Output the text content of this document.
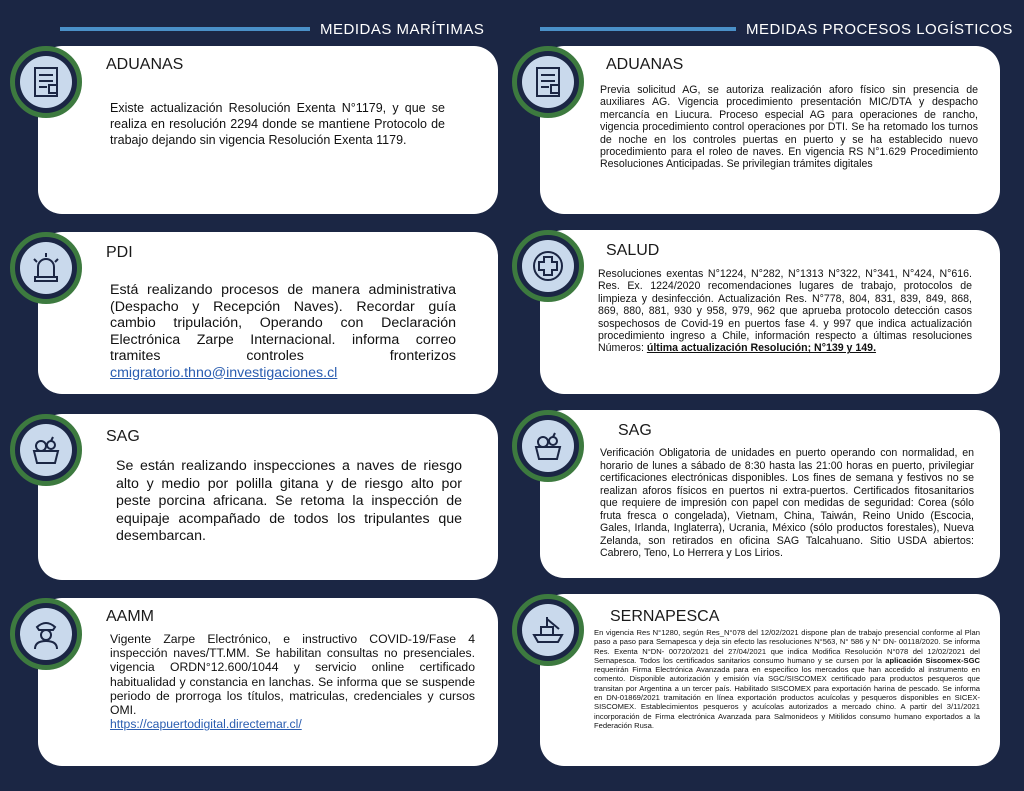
MEDIDAS MARÍTIMAS	MEDIDAS PROCESOS LOGÍSTICOS
ADUANAS
Existe actualización Resolución Exenta N°1179, y que se realiza en resolución 2294 donde se mantiene Protocolo de trabajo dejando sin vigencia Resolución Exenta 1179.
PDI
Está realizando procesos de manera administrativa (Despacho y Recepción Naves). Recordar guía cambio tripulación, Operando con Declaración Electrónica Zarpe Internacional. informa correo tramites controles fronterizos cmigratorio.thno@investigaciones.cl
SAG
Se están realizando inspecciones a naves de riesgo alto y medio por polilla gitana y de riesgo alto por peste porcina africana. Se retoma la inspección de equipaje acompañado de todos los tripulantes que desembarcan.
AAMM
Vigente Zarpe Electrónico, e instructivo COVID-19/Fase 4 inspección naves/TT.MM. Se habilitan consultas no presenciales. vigencia ORDN°12.600/1044 y servicio online certificado habitualidad y constancia en lanchas. Se informa que se suspende periodo de prorroga los títulos, matriculas, credenciales y cursos OMI.
https://capuertodigital.directemar.cl/
ADUANAS
Previa solicitud AG, se autoriza realización aforo físico sin presencia de auxiliares AG. Vigencia procedimiento presentación MIC/DTA y despacho mercancía en Liucura. Proceso especial AG para operaciones de rancho, vigencia procedimiento control operaciones por DTI. Se ha retomado los turnos de noche en los controles puertas en puerto y se ha establecido nuevo procedimiento para el roleo de naves. En vigencia RS N°1.629 Procedimiento Resoluciones Anticipadas. Se privilegian trámites digitales
SALUD
Resoluciones exentas N°1224, N°282, N°1313 N°322, N°341, N°424, N°616. Res. Ex. 1224/2020 recomendaciones lugares de trabajo, protocolos de limpieza y desinfección. Actualización Res. N°778, 804, 831, 839, 849, 868, 869, 880, 881, 930 y 958, 979, 962 que aprueba protocolo detección casos sospechosos de Covid-19 en puertos fase 4. y 997 que indica actualización procedimiento ingreso a Chile, información respecto a últimas resoluciones Números: última actualización Resolución; N°139 y 149.
SAG
Verificación Obligatoria de unidades en puerto operando con normalidad, en horario de lunes a sábado de 8:30 hasta las 21:00 horas en puerto, privilegiar certificaciones electrónicas disponibles. Los fines de semana y festivos no se realizan aforos físicos en puertos ni extra-puertos. Certificados fitosanitarios que requiere de impresión con papel con medidas de seguridad: Corea (sólo fruta fresca o congelada), Vietnam, China, Taiwán, Reino Unido (Escocia, Gales, Irlanda, Inglaterra), Ucrania, México (sólo productos forestales), Nueva Zelanda, son retirados en oficina SAG Talcahuano. Sitio USDA abiertos: Cabrero, Teno, Lo Herrera y Los Lirios.
SERNAPESCA
En vigencia Res N°1280, según Res_N°078 del 12/02/2021 dispone plan de trabajo presencial conforme al Plan paso a paso para Sernapesca y deja sin efecto las resoluciones N°563, N° 586 y N° DN- 00118/2020. Se informa Res. Exenta N°DN- 00720/2021 del 27/04/2021 que indica Modifica Resolución N°078 del 12/02/2021 del Sernapesca. Todos los certificados sanitarios consumo humano y se cursen por la aplicación Siscomex-SGC requerirán Firma Electrónica Avanzada para en especifico los mercados que han accedido al instrumento en comento. Disponible autorización y emisión vía SGC/SISCOMEX certificado para productos pesqueros que transitan por Argentina a un tercer país. Habilitado SISCOMEX para exportación harina de pescado. Se informa en DN-01869/2021 tramitación en línea exportación productos acuícolas y pesqueros disponibles en SICEX-SISCOMEX. Establecimientos pesqueros y acuícolas autorizados a mercado chino. A partir del 3/11/2021 incorporación de Firma electrónica Avanzada para Salmonideos y Mitilidos consumo humano exportados a la Federación Rusa.
